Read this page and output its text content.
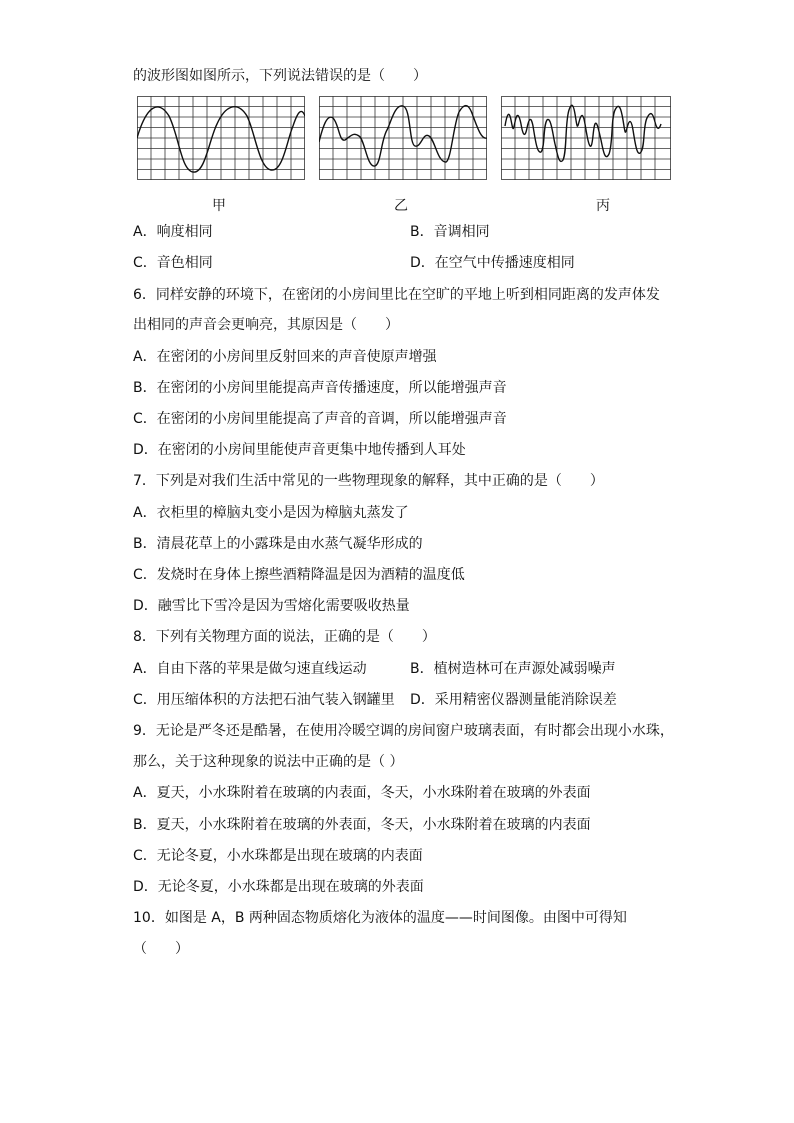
的波形图如图所示，下列说法错误的是（　　）
甲	乙	丙
A．响度相同	B．音调相同
C．音色相同	D．在空气中传播速度相同
6．同样安静的环境下，在密闭的小房间里比在空旷的平地上听到相同距离的发声体发
出相同的声音会更响亮，其原因是（　　）
A．在密闭的小房间里反射回来的声音使原声增强
B．在密闭的小房间里能提高声音传播速度，所以能增强声音
C．在密闭的小房间里能提高了声音的音调，所以能增强声音
D．在密闭的小房间里能使声音更集中地传播到人耳处
7．下列是对我们生活中常见的一些物理现象的解释，其中正确的是（　　）
A．衣柜里的樟脑丸变小是因为樟脑丸蒸发了
B．清晨花草上的小露珠是由水蒸气凝华形成的
C．发烧时在身体上擦些酒精降温是因为酒精的温度低
D．融雪比下雪冷是因为雪熔化需要吸收热量
8．下列有关物理方面的说法，正确的是（　　）
A．自由下落的苹果是做匀速直线运动	B．植树造林可在声源处减弱噪声
C．用压缩体积的方法把石油气装入钢罐里 D．采用精密仪器测量能消除误差
9．无论是严冬还是酷暑，在使用冷暖空调的房间窗户玻璃表面，有时都会出现小水珠，
那么，关于这种现象的说法中正确的是（ ）
A．夏天，小水珠附着在玻璃的内表面，冬天，小水珠附着在玻璃的外表面
B．夏天，小水珠附着在玻璃的外表面，冬天，小水珠附着在玻璃的内表面
C．无论冬夏，小水珠都是出现在玻璃的内表面
D．无论冬夏，小水珠都是出现在玻璃的外表面
10．如图是 A，B 两种固态物质熔化为液体的温度——时间图像。由图中可得知
（　　）
